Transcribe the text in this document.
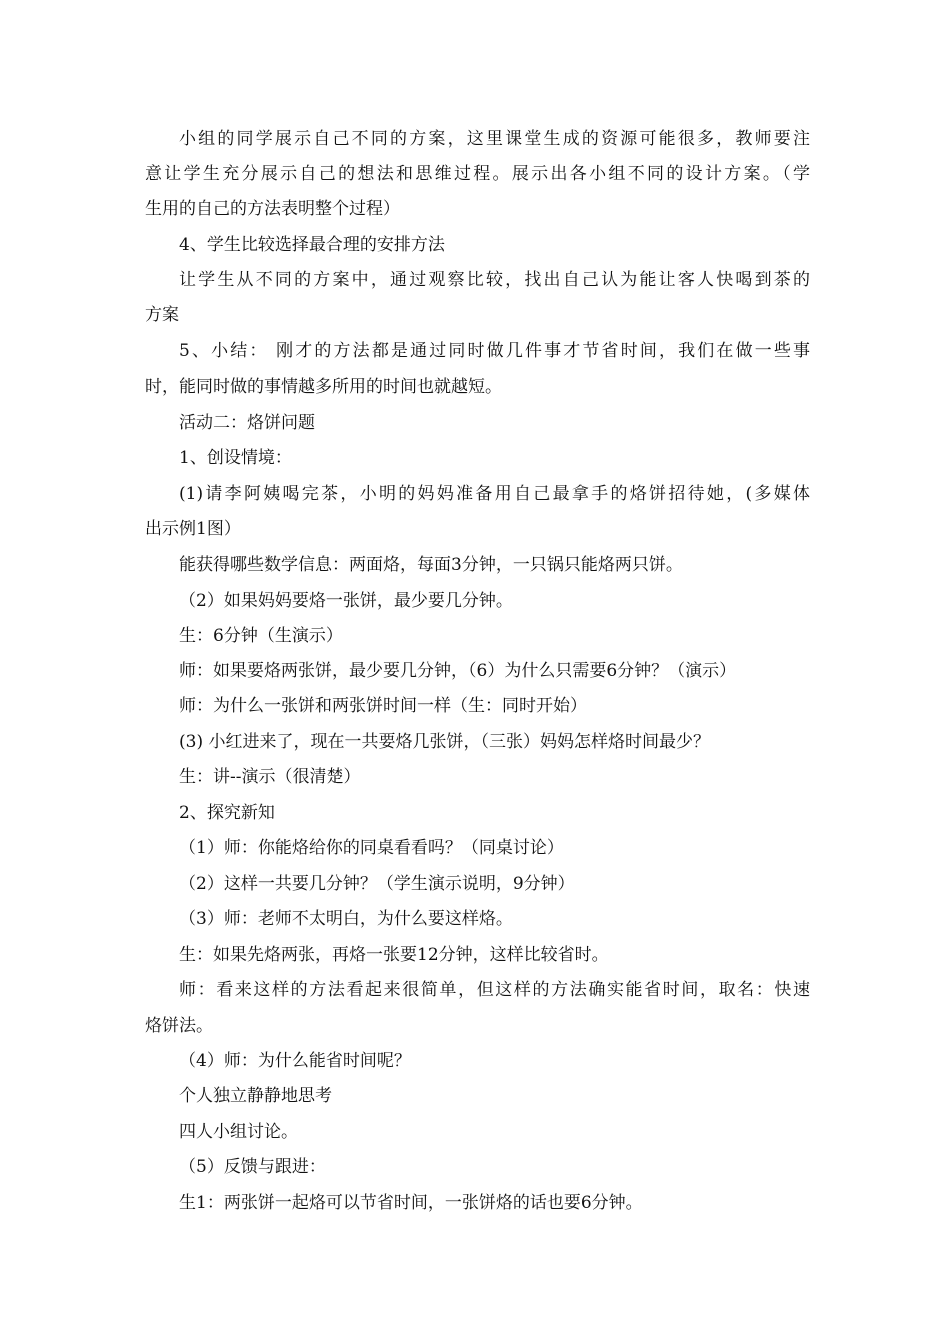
小组的同学展示自己不同的方案，这里课堂生成的资源可能很多，教师要注
意让学生充分展示自己的想法和思维过程。展示出各小组不同的设计方案。（学
生用的自己的方法表明整个过程）
4、学生比较选择最合理的安排方法
让学生从不同的方案中，通过观察比较，找出自己认为能让客人快喝到茶的
方案
5、小结： 刚才的方法都是通过同时做几件事才节省时间，我们在做一些事
时，能同时做的事情越多所用的时间也就越短。
活动二：烙饼问题
1、创设情境：
(1)请李阿姨喝完茶，小明的妈妈准备用自己最拿手的烙饼招待她，(多媒体
出示例1图）
能获得哪些数学信息：两面烙，每面3分钟，一只锅只能烙两只饼。
（2）如果妈妈要烙一张饼，最少要几分钟。
生：6分钟（生演示）
师：如果要烙两张饼，最少要几分钟，（6）为什么只需要6分钟？（演示）
师：为什么一张饼和两张饼时间一样（生：同时开始）
(3) 小红进来了，现在一共要烙几张饼，（三张）妈妈怎样烙时间最少？
生：讲--演示（很清楚）
2、探究新知
（1）师：你能烙给你的同桌看看吗？（同桌讨论）
（2）这样一共要几分钟？（学生演示说明，9分钟）
（3）师：老师不太明白，为什么要这样烙。
生：如果先烙两张，再烙一张要12分钟，这样比较省时。
师：看来这样的方法看起来很简单，但这样的方法确实能省时间，取名：快速
烙饼法。
（4）师：为什么能省时间呢？
个人独立静静地思考
四人小组讨论。
（5）反馈与跟进：
生1：两张饼一起烙可以节省时间，一张饼烙的话也要6分钟。
